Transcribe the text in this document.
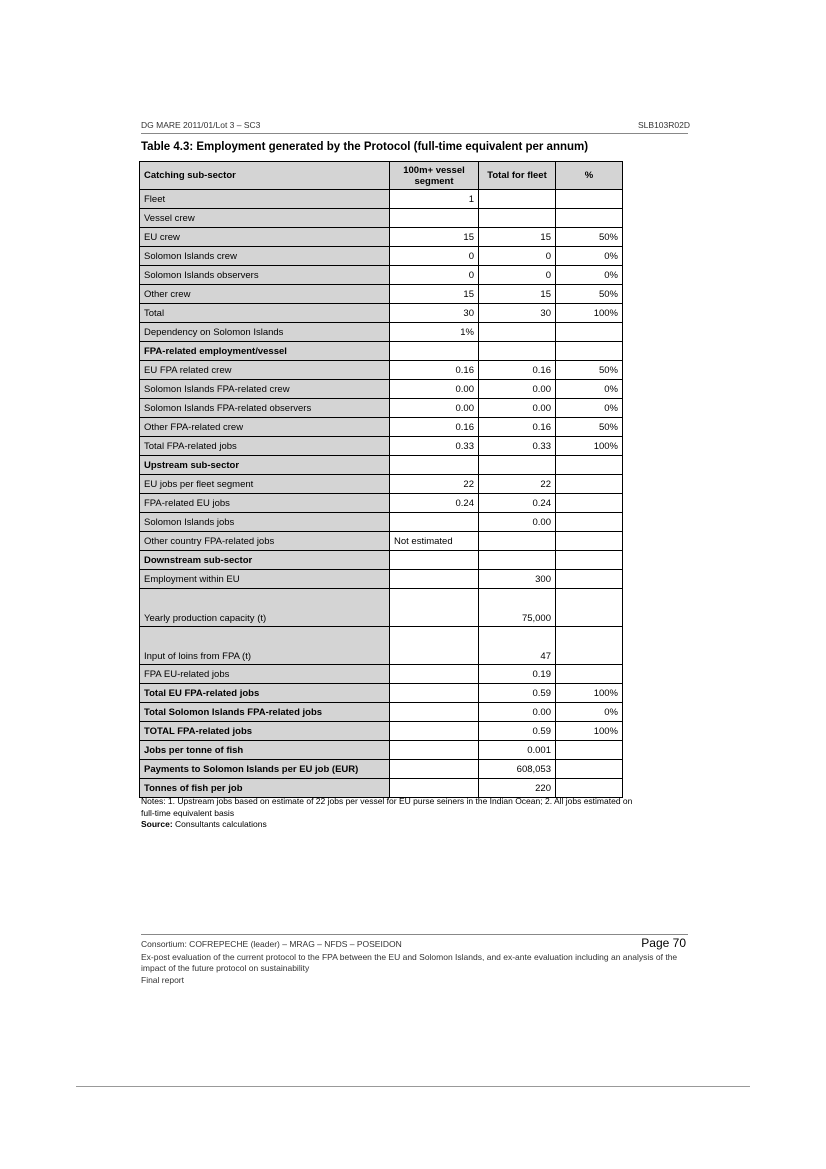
DG MARE 2011/01/Lot 3 – SC3	SLB103R02D
Table 4.3: Employment generated by the Protocol (full-time equivalent per annum)
Catching sub-sector	100m+ vessel segment	Total for fleet	%
Fleet	1		
Vessel crew			
EU crew	15	15	50%
Solomon Islands crew	0	0	0%
Solomon Islands observers	0	0	0%
Other crew	15	15	50%
Total	30	30	100%
Dependency on Solomon Islands	1%		
FPA-related employment/vessel			
EU FPA related crew	0.16	0.16	50%
Solomon Islands FPA-related crew	0.00	0.00	0%
Solomon Islands FPA-related observers	0.00	0.00	0%
Other FPA-related crew	0.16	0.16	50%
Total FPA-related jobs	0.33	0.33	100%
Upstream sub-sector			
EU jobs per fleet segment	22	22	
FPA-related EU jobs	0.24	0.24	
Solomon Islands jobs		0.00	
Other country FPA-related jobs	Not estimated		
Downstream sub-sector			
Employment within EU		300	
Yearly production capacity (t)		75,000	
Input of loins from FPA (t)		47	
FPA EU-related jobs		0.19	
Total EU FPA-related jobs		0.59	100%
Total Solomon Islands FPA-related jobs		0.00	0%
TOTAL FPA-related jobs		0.59	100%
Jobs per tonne of fish		0.001	
Payments to Solomon Islands per EU job (EUR)		608,053	
Tonnes of fish per job		220	
Notes: 1. Upstream jobs based on estimate of 22 jobs per vessel for EU purse seiners in the Indian Ocean; 2. All jobs estimated on full-time equivalent basis
Source: Consultants calculations
Consortium: COFREPECHE (leader) – MRAG – NFDS – POSEIDON	Page 70
Ex-post evaluation of the current protocol to the FPA between the EU and Solomon Islands, and ex-ante evaluation including an analysis of the impact of the future protocol on sustainability
Final report
